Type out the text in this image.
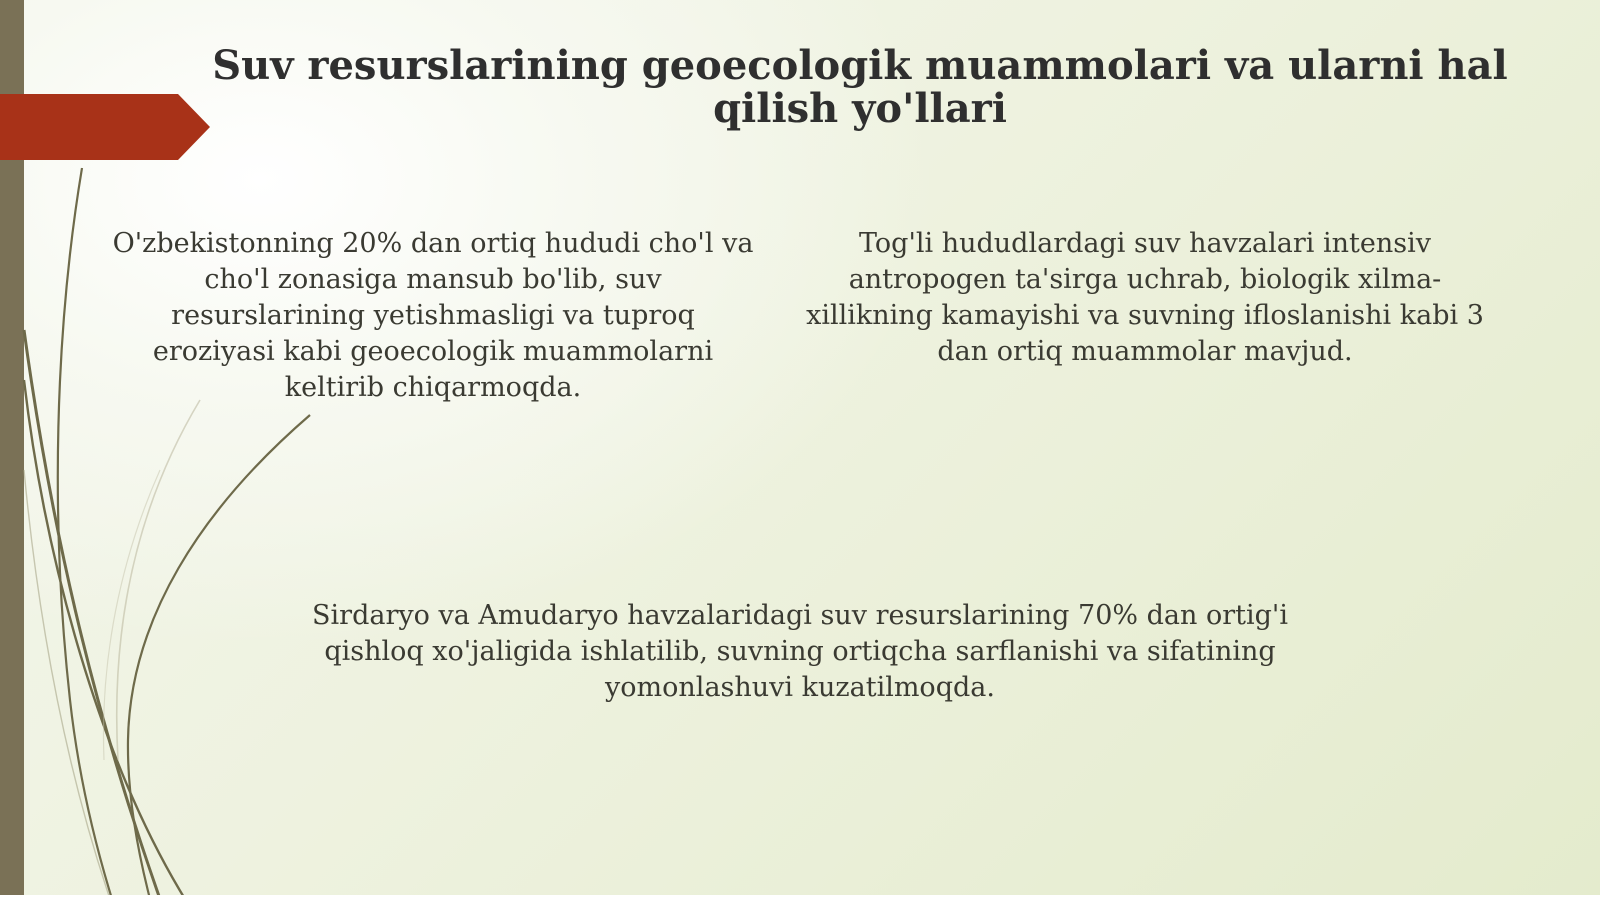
Suv resurslarining geoecologik muammolari va ularni hal qilish yo'llari

O'zbekistonning 20% dan ortiq hududi cho'l va cho'l zonasiga mansub bo'lib, suv resurslarining yetishmasligi va tuproq eroziyasi kabi geoecologik muammolarni keltirib chiqarmoqda.

Tog'li hududlardagi suv havzalari intensiv antropogen ta'sirga uchrab, biologik xilma-xillikning kamayishi va suvning ifloslanishi kabi 3 dan ortiq muammolar mavjud.

Sirdaryo va Amudaryo havzalaridagi suv resurslarining 70% dan ortig'i qishloq xo'jaligida ishlatilib, suvning ortiqcha sarflanishi va sifatining yomonlashuvi kuzatilmoqda.
